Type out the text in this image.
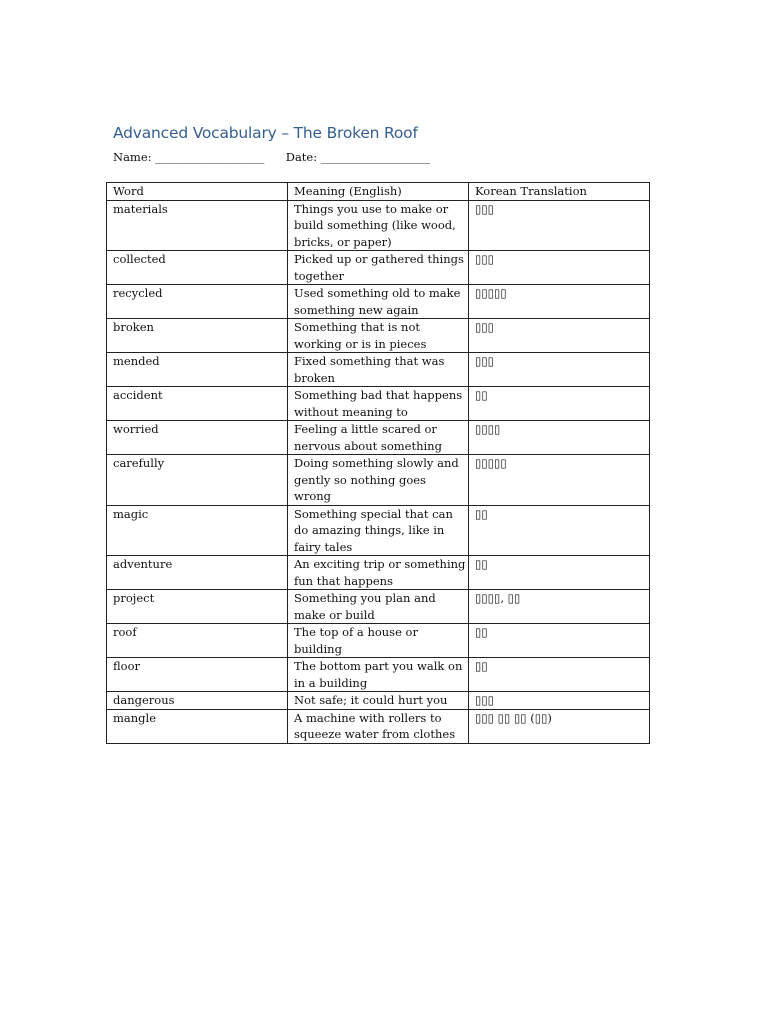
Advanced Vocabulary – The Broken Roof
Name: ___________________ Date: ___________________
Word	Meaning (English)	Korean Translation
materials	Things you use to make or build something (like wood, bricks, or paper)	▯▯▯
collected	Picked up or gathered things together	▯▯▯
recycled	Used something old to make something new again	▯▯▯▯▯
broken	Something that is not working or is in pieces	▯▯▯
mended	Fixed something that was broken	▯▯▯
accident	Something bad that happens without meaning to	▯▯
worried	Feeling a little scared or nervous about something	▯▯▯▯
carefully	Doing something slowly and gently so nothing goes wrong	▯▯▯▯▯
magic	Something special that can do amazing things, like in fairy tales	▯▯
adventure	An exciting trip or something fun that happens	▯▯
project	Something you plan and make or build	▯▯▯▯, ▯▯
roof	The top of a house or building	▯▯
floor	The bottom part you walk on in a building	▯▯
dangerous	Not safe; it could hurt you	▯▯▯
mangle	A machine with rollers to squeeze water from clothes	▯▯▯ ▯▯ ▯▯ (▯▯)
